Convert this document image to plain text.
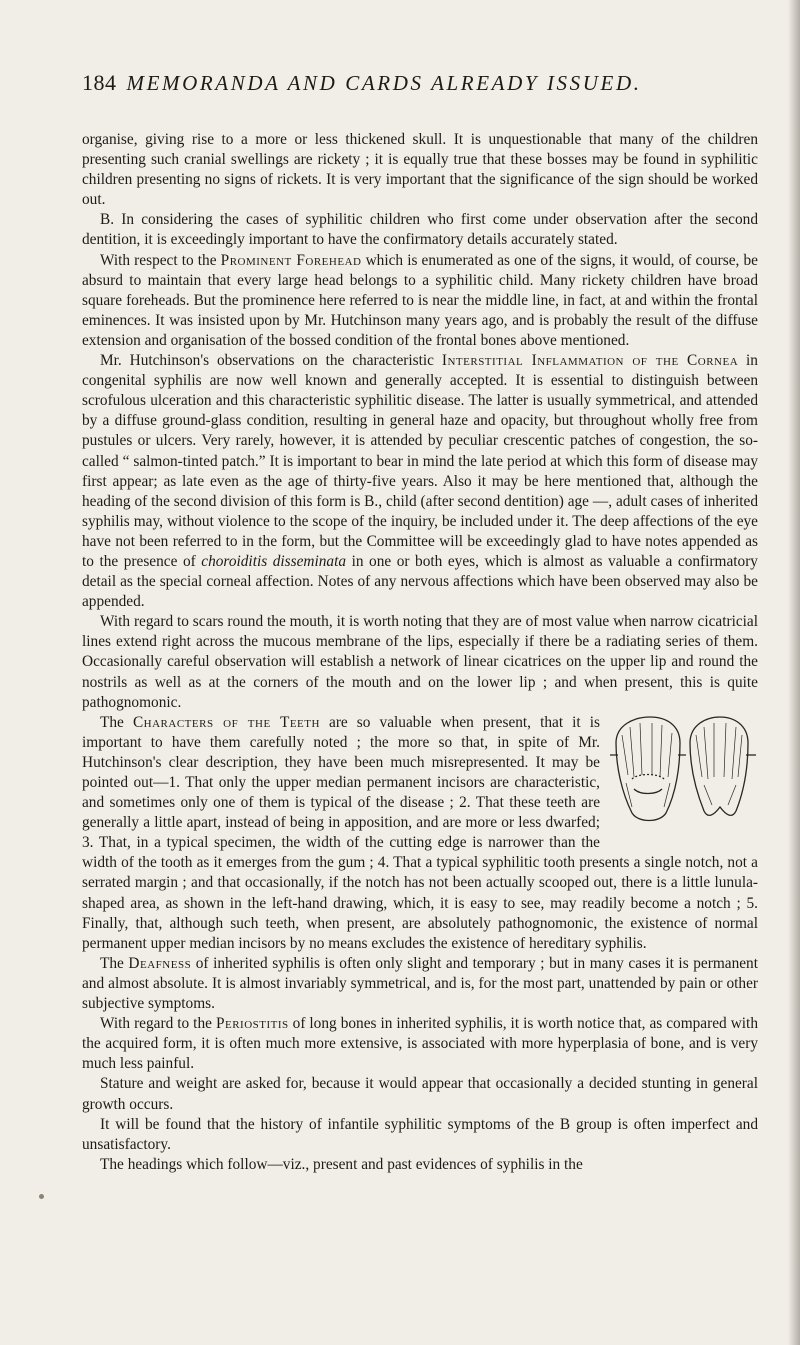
184 MEMORANDA AND CARDS ALREADY ISSUED.

organise, giving rise to a more or less thickened skull. It is unquestionable that many of the children presenting such cranial swellings are rickety ; it is equally true that these bosses may be found in syphilitic children presenting no signs of rickets. It is very important that the significance of the sign should be worked out.

B. In considering the cases of syphilitic children who first come under observation after the second dentition, it is exceedingly important to have the confirmatory details accurately stated.

With respect to the Prominent Forehead which is enumerated as one of the signs, it would, of course, be absurd to maintain that every large head belongs to a syphilitic child. Many rickety children have broad square foreheads. But the prominence here referred to is near the middle line, in fact, at and within the frontal eminences. It was insisted upon by Mr. Hutchinson many years ago, and is probably the result of the diffuse extension and organisation of the bossed condition of the frontal bones above mentioned.

Mr. Hutchinson's observations on the characteristic Interstitial Inflammation of the Cornea in congenital syphilis are now well known and generally accepted. It is essential to distinguish between scrofulous ulceration and this characteristic syphilitic disease. The latter is usually symmetrical, and attended by a diffuse ground-glass condition, resulting in general haze and opacity, but throughout wholly free from pustules or ulcers. Very rarely, however, it is attended by peculiar crescentic patches of congestion, the so-called “ salmon-tinted patch.” It is important to bear in mind the late period at which this form of disease may first appear; as late even as the age of thirty-five years. Also it may be here mentioned that, although the heading of the second division of this form is B., child (after second dentition) age —, adult cases of inherited syphilis may, without violence to the scope of the inquiry, be included under it. The deep affections of the eye have not been referred to in the form, but the Committee will be exceedingly glad to have notes appended as to the presence of choroiditis disseminata in one or both eyes, which is almost as valuable a confirmatory detail as the special corneal affection. Notes of any nervous affections which have been observed may also be appended.

With regard to scars round the mouth, it is worth noting that they are of most value when narrow cicatricial lines extend right across the mucous membrane of the lips, especially if there be a radiating series of them. Occasionally careful observation will establish a network of linear cicatrices on the upper lip and round the nostrils as well as at the corners of the mouth and on the lower lip ; and when present, this is quite pathognomonic.

The Characters of the Teeth are so valuable when present, that it is important to have them carefully noted ; the more so that, in spite of Mr. Hutchinson's clear description, they have been much misrepresented. It may be pointed out—1. That only the upper median permanent incisors are characteristic, and sometimes only one of them is typical of the disease ; 2. That these teeth are generally a little apart, instead of being in apposition, and are more or less dwarfed; 3. That, in a typical specimen, the width of the cutting edge is narrower than the width of the tooth as it emerges from the gum ; 4. That a typical syphilitic tooth presents a single notch, not a serrated margin ; and that occasionally, if the notch has not been actually scooped out, there is a little lunula-shaped area, as shown in the left-hand drawing, which, it is easy to see, may readily become a notch ; 5. Finally, that, although such teeth, when present, are absolutely pathognomonic, the existence of normal permanent upper median incisors by no means excludes the existence of hereditary syphilis.

The Deafness of inherited syphilis is often only slight and temporary ; but in many cases it is permanent and almost absolute. It is almost invariably symmetrical, and is, for the most part, unattended by pain or other subjective symptoms.

With regard to the Periostitis of long bones in inherited syphilis, it is worth notice that, as compared with the acquired form, it is often much more extensive, is associated with more hyperplasia of bone, and is very much less painful.

Stature and weight are asked for, because it would appear that occasionally a decided stunting in general growth occurs.

It will be found that the history of infantile syphilitic symptoms of the B group is often imperfect and unsatisfactory.

The headings which follow—viz., present and past evidences of syphilis in the
